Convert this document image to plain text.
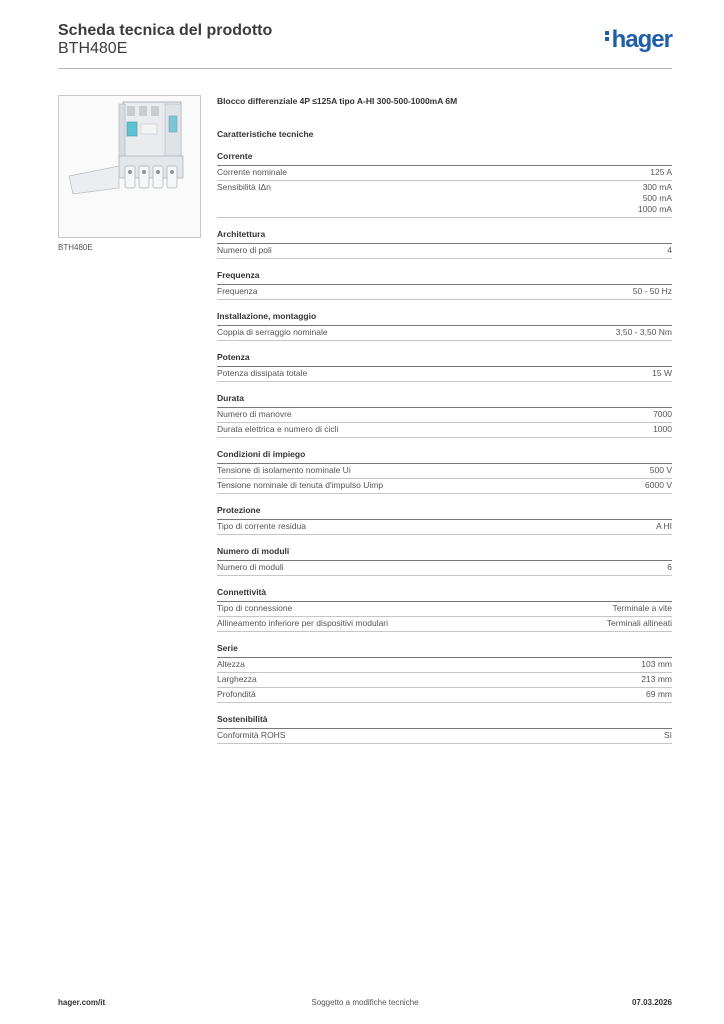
Scheda tecnica del prodotto
BTH480E	hager
BTH480E
Blocco differenziale 4P ≤125A tipo A-HI 300-500-1000mA 6M
Caratteristiche tecniche
Corrente
Corrente nominale	125 A
Sensibilità IΔn	300 mA
500 mA
1000 mA
Architettura
Numero di poli	4
Frequenza
Frequenza	50 - 50 Hz
Installazione, montaggio
Coppia di serraggio nominale	3,50 - 3,50 Nm
Potenza
Potenza dissipata totale	15 W
Durata
Numero di manovre	7000
Durata elettrica e numero di cicli	1000
Condizioni di impiego
Tensione di isolamento nominale Ui	500 V
Tensione nominale di tenuta d'impulso Uimp	6000 V
Protezione
Tipo di corrente residua	A HI
Numero di moduli
Numero di moduli	6
Connettività
Tipo di connessione	Terminale a vite
Allineamento inferiore per dispositivi modulari	Terminali allineati
Serie
Altezza	103 mm
Larghezza	213 mm
Profondità	69 mm
Sostenibilità
Conformità ROHS	Sì
hager.com/it	Soggetto a modifiche tecniche	07.03.2026
